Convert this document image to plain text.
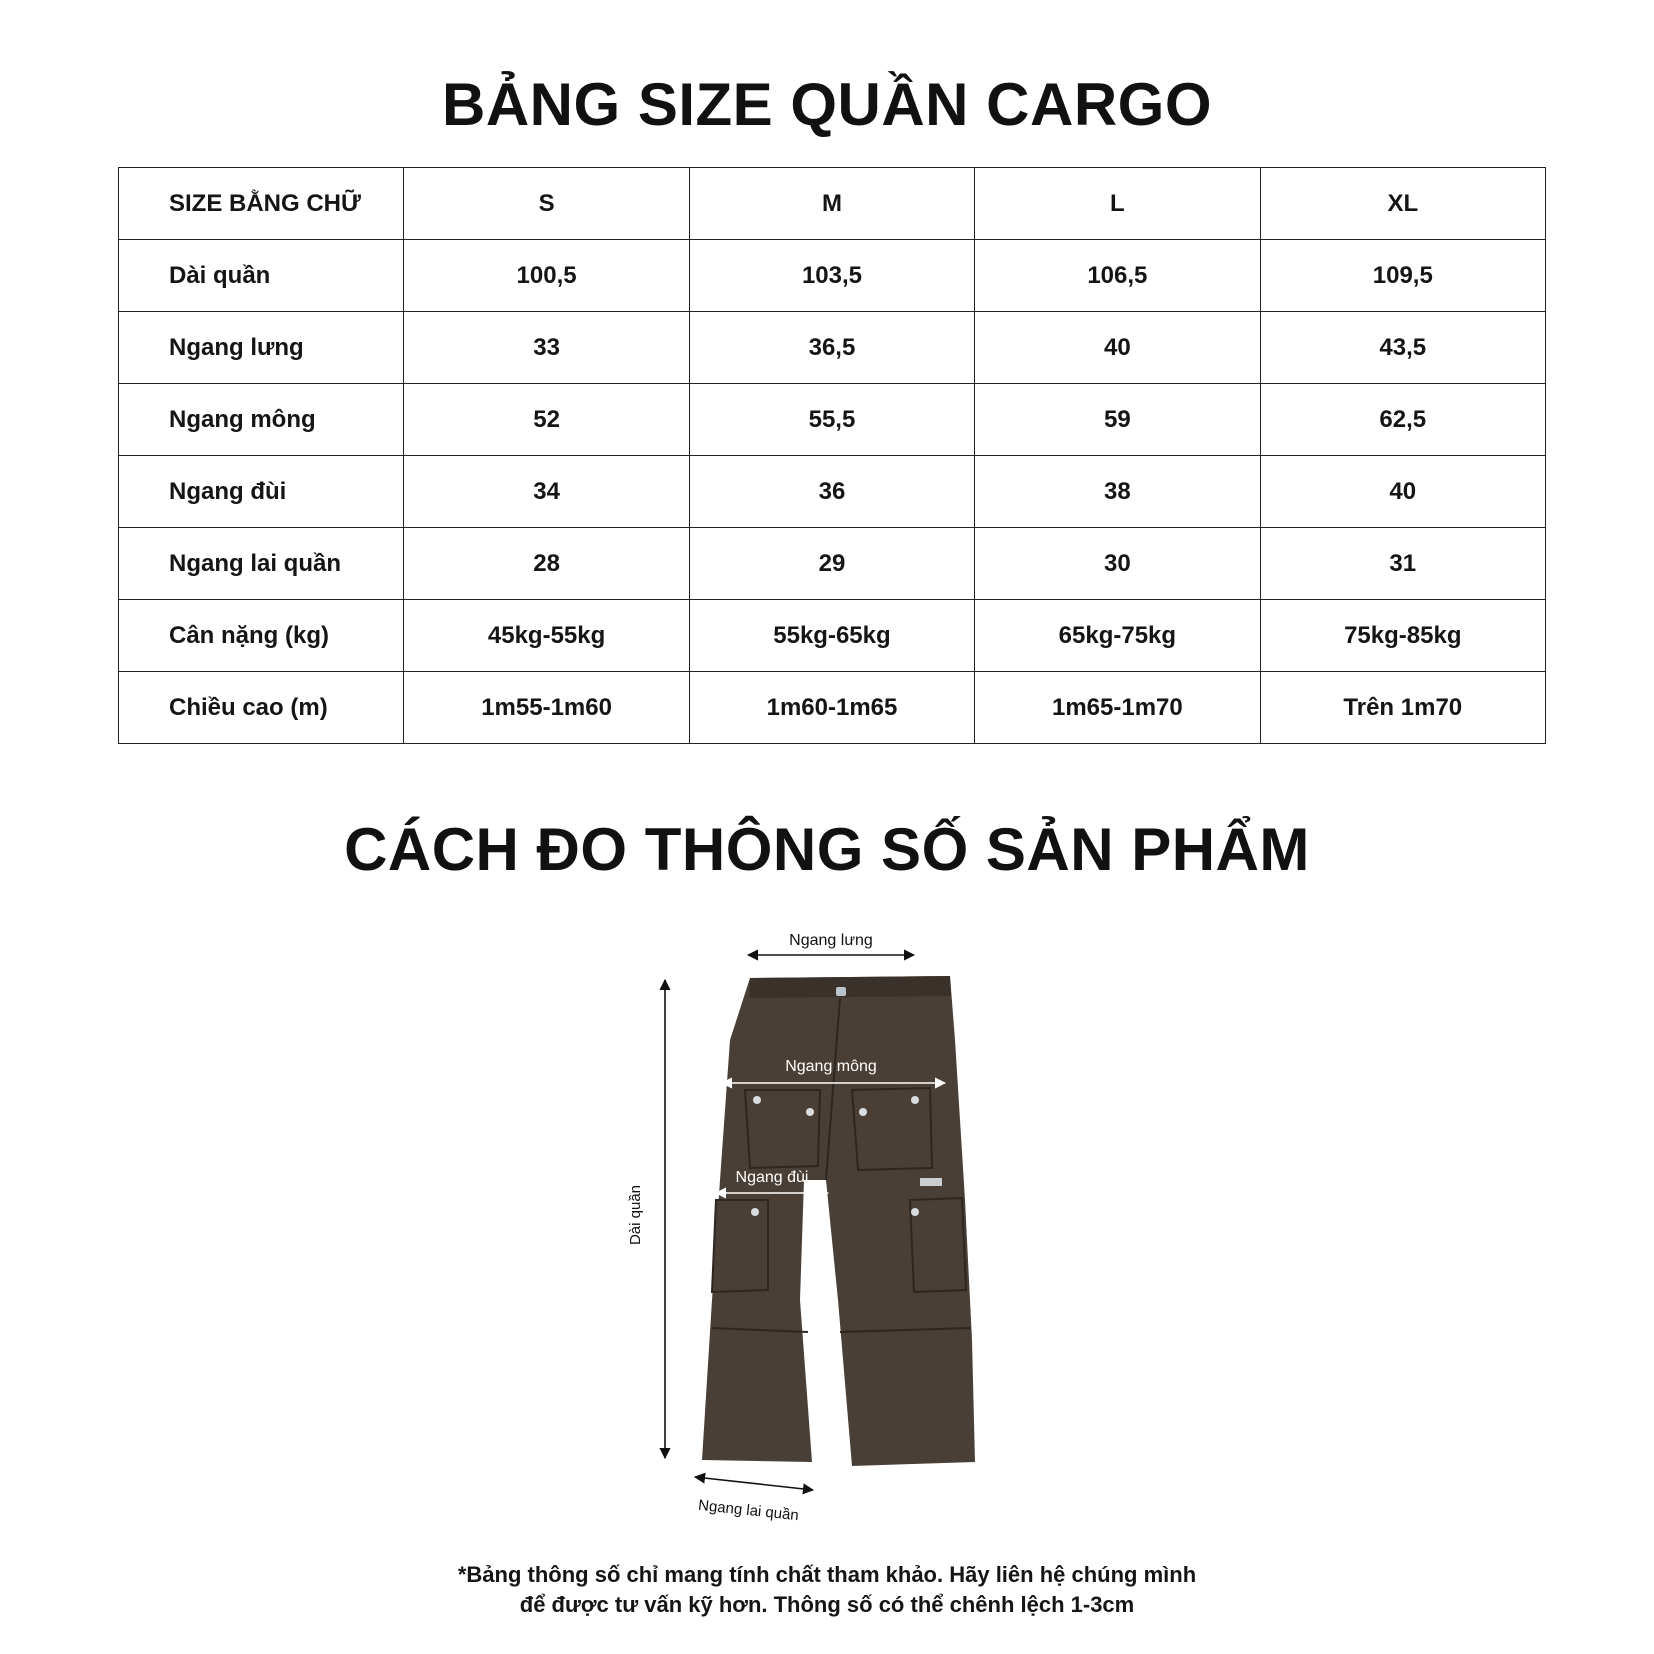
BẢNG SIZE QUẦN CARGO
SIZE BẰNG CHỮ	S	M	L	XL
Dài quần	100,5	103,5	106,5	109,5
Ngang lưng	33	36,5	40	43,5
Ngang mông	52	55,5	59	62,5
Ngang đùi	34	36	38	40
Ngang lai quần	28	29	30	31
Cân nặng (kg)	45kg-55kg	55kg-65kg	65kg-75kg	75kg-85kg
Chiều cao (m)	1m55-1m60	1m60-1m65	1m65-1m70	Trên 1m70
CÁCH ĐO THÔNG SỐ SẢN PHẨM
Ngang lưng
Ngang mông
Ngang đùi
Dài quần
Ngang lai quần
*Bảng thông số chỉ mang tính chất tham khảo. Hãy liên hệ chúng mình
để được tư vấn kỹ hơn. Thông số có thể chênh lệch 1-3cm
